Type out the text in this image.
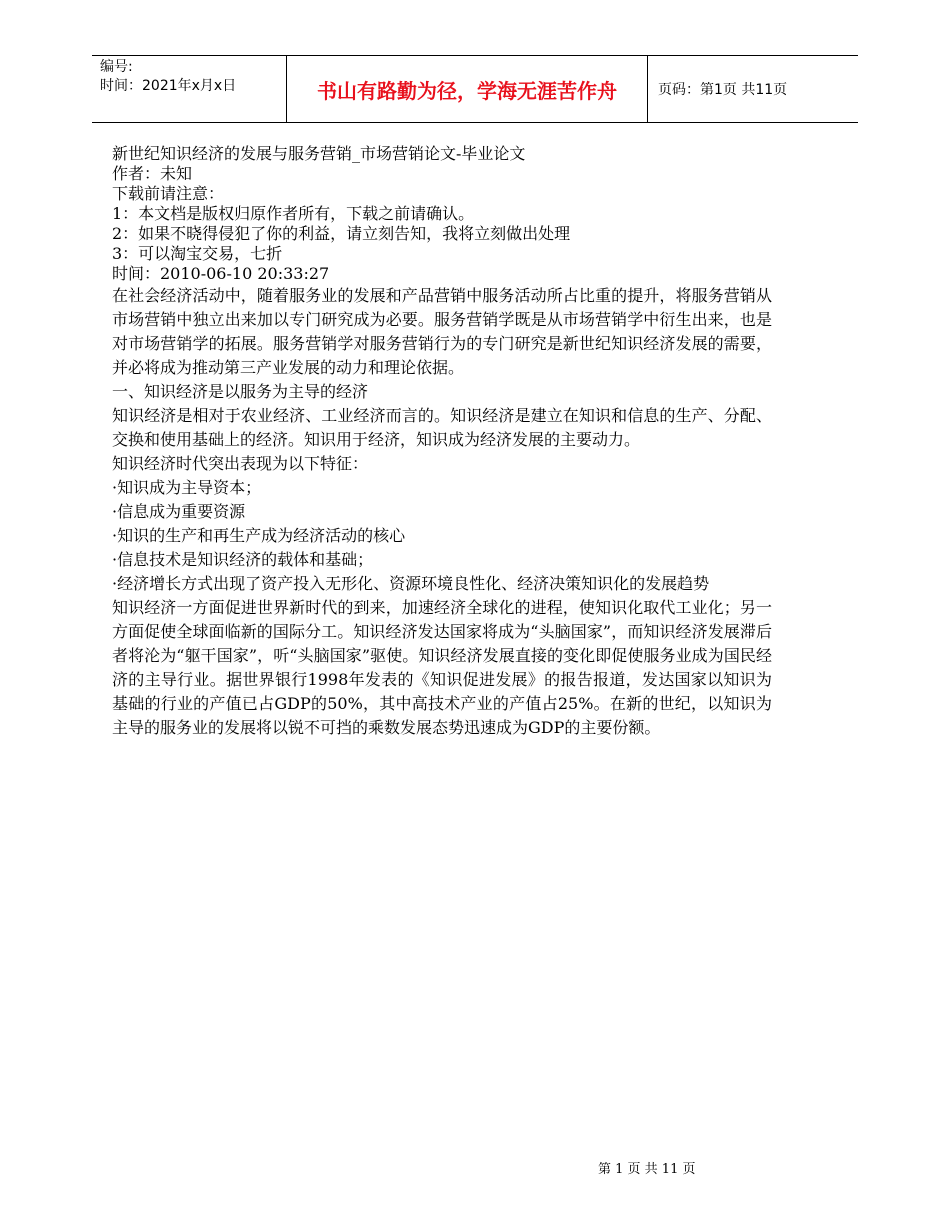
编号:
时间：2021年x月x日	书山有路勤为径，学海无涯苦作舟	页码：第1页 共11页
新世纪知识经济的发展与服务营销_市场营销论文-毕业论文
作者：未知
下载前请注意：
1：本文档是版权归原作者所有，下载之前请确认。
2：如果不晓得侵犯了你的利益，请立刻告知，我将立刻做出处理
3：可以淘宝交易，七折
时间：2010-06-10 20:33:27

在社会经济活动中，随着服务业的发展和产品营销中服务活动所占比重的提升，将服务营销从市场营销中独立出来加以专门研究成为必要。服务营销学既是从市场营销学中衍生出来，也是对市场营销学的拓展。服务营销学对服务营销行为的专门研究是新世纪知识经济发展的需要，并必将成为推动第三产业发展的动力和理论依据。

一、知识经济是以服务为主导的经济

知识经济是相对于农业经济、工业经济而言的。知识经济是建立在知识和信息的生产、分配、交换和使用基础上的经济。知识用于经济，知识成为经济发展的主要动力。

知识经济时代突出表现为以下特征：

·知识成为主导资本；

·信息成为重要资源

·知识的生产和再生产成为经济活动的核心

·信息技术是知识经济的载体和基础；

·经济增长方式出现了资产投入无形化、资源环境良性化、经济决策知识化的发展趋势

知识经济一方面促进世界新时代的到来，加速经济全球化的进程，使知识化取代工业化；另一方面促使全球面临新的国际分工。知识经济发达国家将成为“头脑国家”，而知识经济发展滞后者将沦为“躯干国家”，听“头脑国家”驱使。知识经济发展直接的变化即促使服务业成为国民经济的主导行业。据世界银行1998年发表的《知识促进发展》的报告报道，发达国家以知识为基础的行业的产值已占GDP的50%，其中高技术产业的产值占25%。在新的世纪，以知识为主导的服务业的发展将以锐不可挡的乘数发展态势迅速成为GDP的主要份额。

第 1 页 共 11 页
